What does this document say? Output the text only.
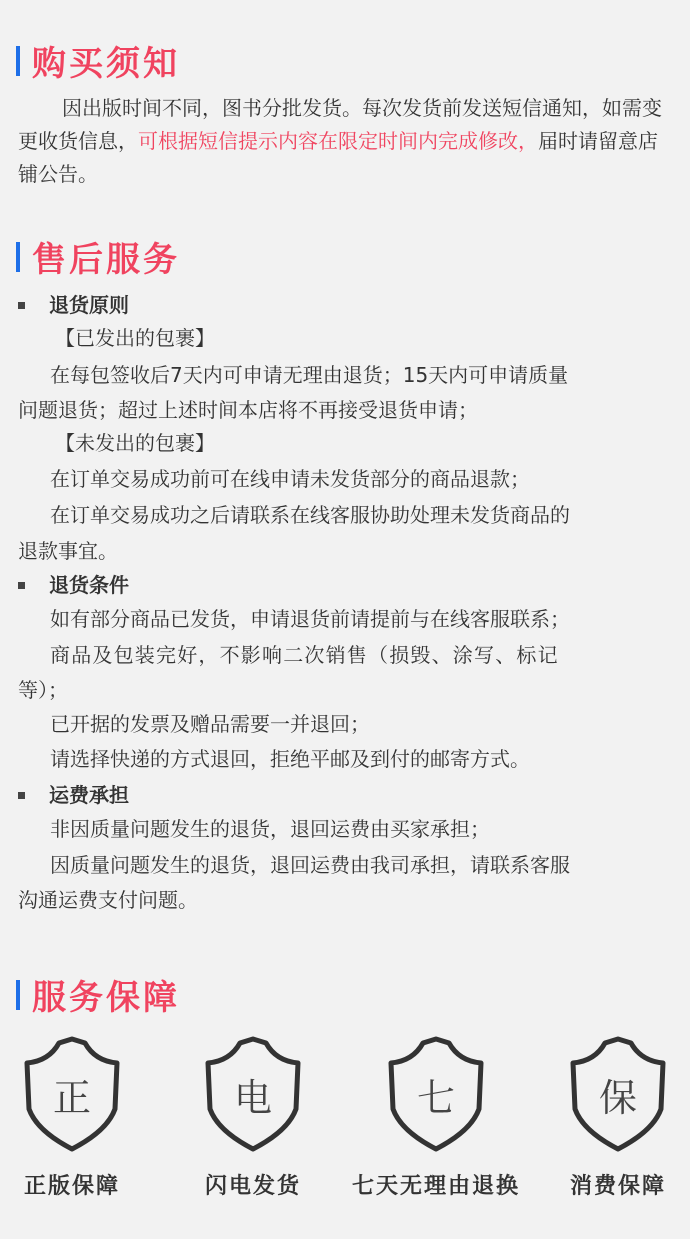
购买须知
因出版时间不同，图书分批发货。每次发货前发送短信通知，如需变更收货信息，可根据短信提示内容在限定时间内完成修改，届时请留意店铺公告。
售后服务
退货原则
【已发出的包裹】
在每包签收后7天内可申请无理由退货；15天内可申请质量
问题退货；超过上述时间本店将不再接受退货申请；
【未发出的包裹】
在订单交易成功前可在线申请未发货部分的商品退款；
在订单交易成功之后请联系在线客服协助处理未发货商品的
退款事宜。
退货条件
如有部分商品已发货，申请退货前请提前与在线客服联系；
商品及包装完好，不影响二次销售（损毁、涂写、标记
等）；
已开据的发票及赠品需要一并退回；
请选择快递的方式退回，拒绝平邮及到付的邮寄方式。
运费承担
非因质量问题发生的退货，退回运费由买家承担；
因质量问题发生的退货，退回运费由我司承担，请联系客服
沟通运费支付问题。
服务保障
正
正版保障
电
闪电发货
七
七天无理由退换
保
消费保障
